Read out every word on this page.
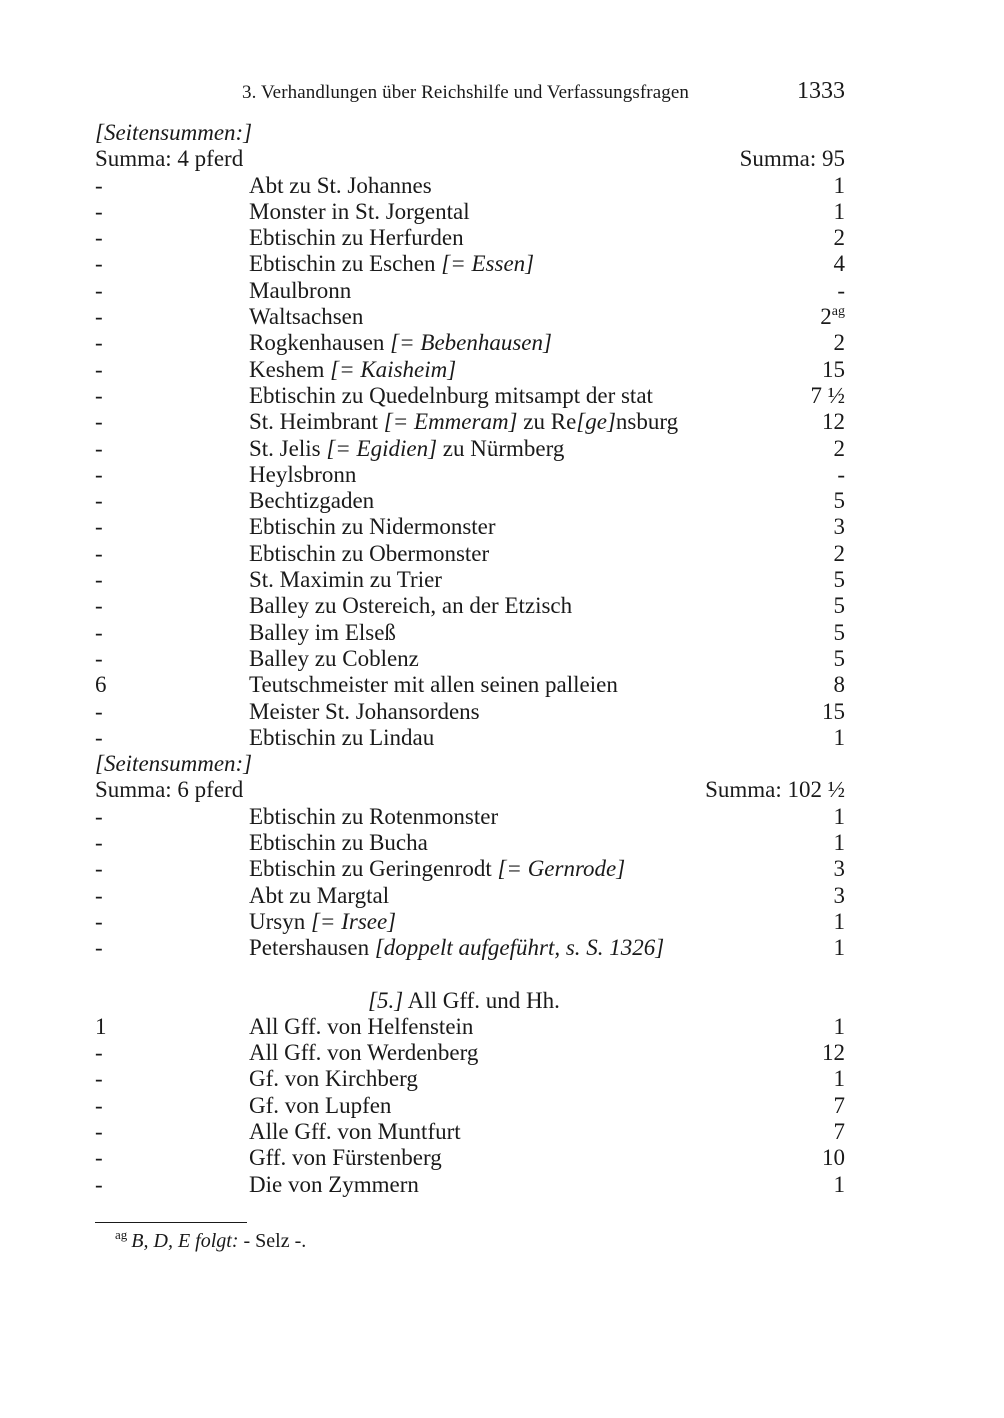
3. Verhandlungen über Reichshilfe und Verfassungsfragen	1333
[Seitensummen:]
Summa: 4 pferd	Summa: 95
-	Abt zu St. Johannes	1
-	Monster in St. Jorgental	1
-	Ebtischin zu Herfurden	2
-	Ebtischin zu Eschen [= Essen]	4
-	Maulbronn	-
-	Waltsachsen	$2^{ag}$
-	Rogkenhausen [= Bebenhausen]	2
-	Keshem [= Kaisheim]	15
-	Ebtischin zu Quedelnburg mitsampt der stat	7 ½
-	St. Heimbrant [= Emmeram] zu Re[ge]nsburg	12
-	St. Jelis [= Egidien] zu Nürmberg	2
-	Heylsbronn	-
-	Bechtizgaden	5
-	Ebtischin zu Nidermonster	3
-	Ebtischin zu Obermonster	2
-	St. Maximin zu Trier	5
-	Balley zu Ostereich, an der Etzisch	5
-	Balley im Elseß	5
-	Balley zu Coblenz	5
6	Teutschmeister mit allen seinen palleien	8
-	Meister St. Johansordens	15
-	Ebtischin zu Lindau	1
[Seitensummen:]
Summa: 6 pferd	Summa: 102 ½
-	Ebtischin zu Rotenmonster	1
-	Ebtischin zu Bucha	1
-	Ebtischin zu Geringenrodt [= Gernrode]	3
-	Abt zu Margtal	3
-	Ursyn [= Irsee]	1
-	Petershausen [doppelt aufgeführt, s. S. 1326]	1
[5.] All Gff. und Hh.
1	All Gff. von Helfenstein	1
-	All Gff. von Werdenberg	12
-	Gf. von Kirchberg	1
-	Gf. von Lupfen	7
-	Alle Gff. von Muntfurt	7
-	Gff. von Fürstenberg	10
-	Die von Zymmern	1
$^{ag}$ B, D, E folgt: - Selz -.
